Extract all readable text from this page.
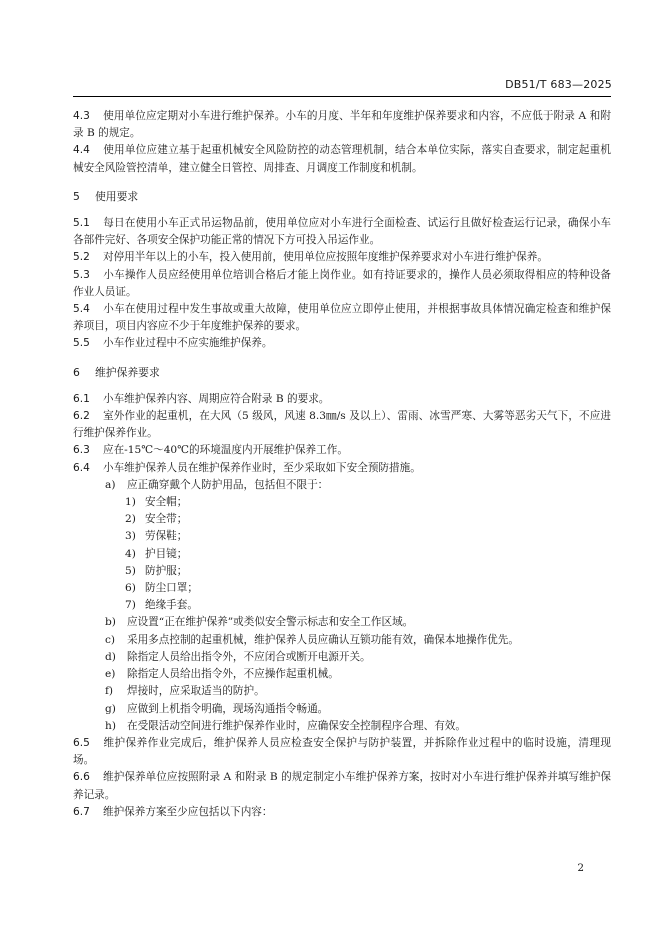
DB51/T 683—2025
4.3 使用单位应定期对小车进行维护保养。小车的月度、半年和年度维护保养要求和内容，不应低于附录 A 和附录 B 的规定。
4.4 使用单位应建立基于起重机械安全风险防控的动态管理机制，结合本单位实际，落实自查要求，制定起重机械安全风险管控清单，建立健全日管控、周排查、月调度工作制度和机制。
5 使用要求
5.1 每日在使用小车正式吊运物品前，使用单位应对小车进行全面检查、试运行且做好检查运行记录，确保小车各部件完好、各项安全保护功能正常的情况下方可投入吊运作业。
5.2 对停用半年以上的小车，投入使用前，使用单位应按照年度维护保养要求对小车进行维护保养。
5.3 小车操作人员应经使用单位培训合格后才能上岗作业。如有持证要求的，操作人员必须取得相应的特种设备作业人员证。
5.4 小车在使用过程中发生事故或重大故障，使用单位应立即停止使用，并根据事故具体情况确定检查和维护保养项目，项目内容应不少于年度维护保养的要求。
5.5 小车作业过程中不应实施维护保养。
6 维护保养要求
6.1 小车维护保养内容、周期应符合附录 B 的要求。
6.2 室外作业的起重机，在大风（5 级风，风速 8.3㎜/s 及以上）、雷雨、冰雪严寒、大雾等恶劣天气下，不应进行维护保养作业。
6.3 应在-15℃～40℃的环境温度内开展维护保养工作。
6.4 小车维护保养人员在维护保养作业时，至少采取如下安全预防措施。
a) 应正确穿戴个人防护用品，包括但不限于：
1) 安全帽；
2) 安全带；
3) 劳保鞋；
4) 护目镜；
5) 防护服；
6) 防尘口罩；
7) 绝缘手套。
b) 应设置“正在维护保养”或类似安全警示标志和安全工作区域。
c) 采用多点控制的起重机械，维护保养人员应确认互锁功能有效，确保本地操作优先。
d) 除指定人员给出指令外，不应闭合或断开电源开关。
e) 除指定人员给出指令外，不应操作起重机械。
f) 焊接时，应采取适当的防护。
g) 应做到上机指令明确，现场沟通指令畅通。
h) 在受限活动空间进行维护保养作业时，应确保安全控制程序合理、有效。
6.5 维护保养作业完成后，维护保养人员应检查安全保护与防护装置，并拆除作业过程中的临时设施，清理现场。
6.6 维护保养单位应按照附录 A 和附录 B 的规定制定小车维护保养方案，按时对小车进行维护保养并填写维护保养记录。
6.7 维护保养方案至少应包括以下内容：
2
